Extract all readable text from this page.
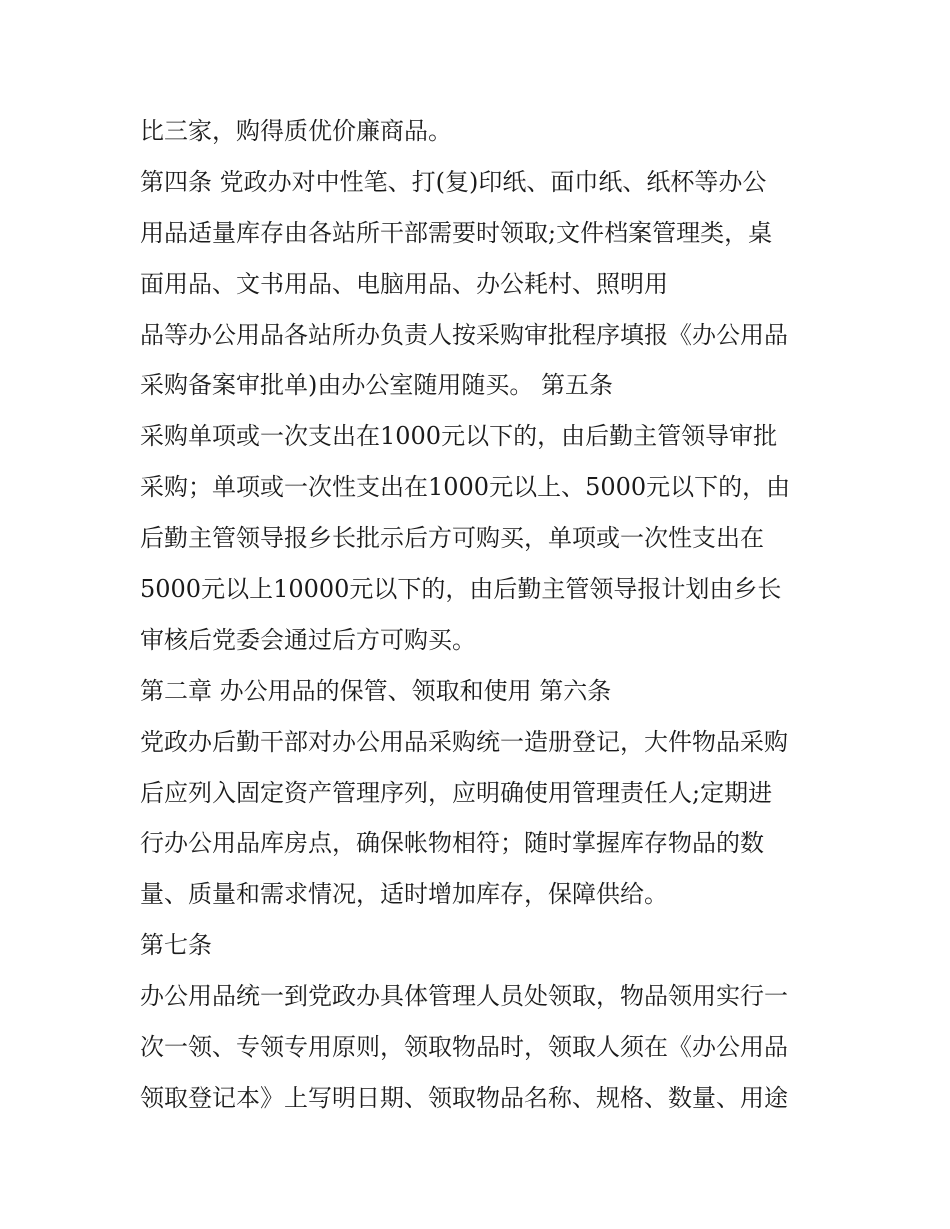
比三家，购得质优价廉商品。
第四条 党政办对中性笔、打(复)印纸、面巾纸、纸杯等办公
用品适量库存由各站所干部需要时领取;文件档案管理类，桌
面用品、文书用品、电脑用品、办公耗村、照明用
品等办公用品各站所办负责人按采购审批程序填报《办公用品
采购备案审批单)由办公室随用随买。 第五条
采购单项或一次支出在1000元以下的，由后勤主管领导审批
采购；单项或一次性支出在1000元以上、5000元以下的，由
后勤主管领导报乡长批示后方可购买，单项或一次性支出在
5000元以上10000元以下的，由后勤主管领导报计划由乡长
审核后党委会通过后方可购买。
第二章 办公用品的保管、领取和使用 第六条
党政办后勤干部对办公用品采购统一造册登记，大件物品采购
后应列入固定资产管理序列，应明确使用管理责任人;定期进
行办公用品库房点，确保帐物相符；随时掌握库存物品的数
量、质量和需求情况，适时增加库存，保障供给。
第七条
办公用品统一到党政办具体管理人员处领取，物品领用实行一
次一领、专领专用原则，领取物品时，领取人须在《办公用品
领取登记本》上写明日期、领取物品名称、规格、数量、用途
